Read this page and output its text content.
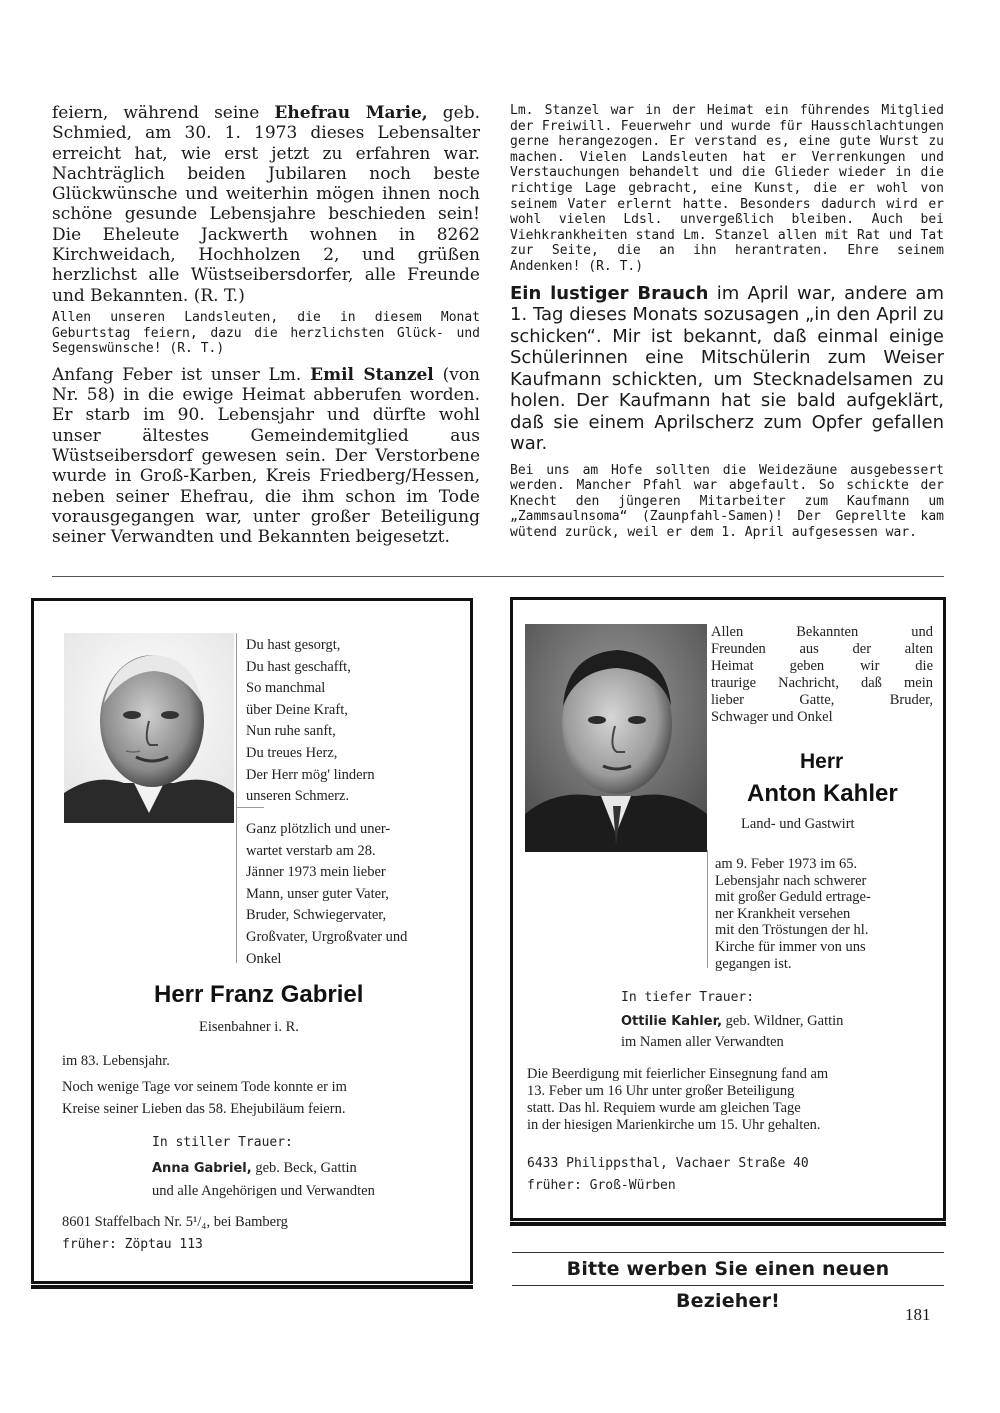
feiern, während seine Ehefrau Marie, geb. Schmied, am 30. 1. 1973 dieses Lebensalter erreicht hat, wie erst jetzt zu erfahren war. Nachträglich beiden Jubilaren noch beste Glückwünsche und weiterhin mögen ihnen noch schöne gesunde Lebensjahre beschieden sein! Die Eheleute Jackwerth wohnen in 8262 Kirchweidach, Hochholzen 2, und grüßen herzlichst alle Wüstseibersdorfer, alle Freunde und Bekannten. (R. T.)

Allen unseren Landsleuten, die in diesem Monat Geburtstag feiern, dazu die herzlichsten Glück- und Segenswünsche! (R. T.)

Anfang Feber ist unser Lm. Emil Stanzel (von Nr. 58) in die ewige Heimat abberufen worden. Er starb im 90. Lebensjahr und dürfte wohl unser ältestes Gemeindemitglied aus Wüstseibersdorf gewesen sein. Der Verstorbene wurde in Groß-Karben, Kreis Friedberg/Hessen, neben seiner Ehefrau, die ihm schon im Tode vorausgegangen war, unter großer Beteiligung seiner Verwandten und Bekannten beigesetzt.

Lm. Stanzel war in der Heimat ein führendes Mitglied der Freiwill. Feuerwehr und wurde für Hausschlachtungen gerne herangezogen. Er verstand es, eine gute Wurst zu machen. Vielen Landsleuten hat er Verrenkungen und Verstauchungen behandelt und die Glieder wieder in die richtige Lage gebracht, eine Kunst, die er wohl von seinem Vater erlernt hatte. Besonders dadurch wird er wohl vielen Ldsl. unvergeßlich bleiben. Auch bei Viehkrankheiten stand Lm. Stanzel allen mit Rat und Tat zur Seite, die an ihn herantraten. Ehre seinem Andenken! (R. T.)

Ein lustiger Brauch im April war, andere am 1. Tag dieses Monats sozusagen „in den April zu schicken“. Mir ist bekannt, daß einmal einige Schülerinnen eine Mitschülerin zum Weiser Kaufmann schickten, um Stecknadelsamen zu holen. Der Kaufmann hat sie bald aufgeklärt, daß sie einem Aprilscherz zum Opfer gefallen war.

Bei uns am Hofe sollten die Weidezäune ausgebessert werden. Mancher Pfahl war abgefault. So schickte der Knecht den jüngeren Mitarbeiter zum Kaufmann um „Zammsaulnsoma“ (Zaunpfahl-Samen)! Der Geprellte kam wütend zurück, weil er dem 1. April aufgesessen war.

Du hast gesorgt,
Du hast geschafft,
So manchmal
über Deine Kraft,
Nun ruhe sanft,
Du treues Herz,
Der Herr mög' lindern
unseren Schmerz.
Ganz plötzlich und uner-
wartet verstarb am 28.
Jänner 1973 mein lieber
Mann, unser guter Vater,
Bruder, Schwiegervater,
Großvater, Urgroßvater und
Onkel
Herr Franz Gabriel
Eisenbahner i. R.
im 83. Lebensjahr.
Noch wenige Tage vor seinem Tode konnte er im
Kreise seiner Lieben das 58. Ehejubiläum feiern.
In stiller Trauer:
Anna Gabriel, geb. Beck, Gattin
und alle Angehörigen und Verwandten
8601 Staffelbach Nr. 5¹/₄, bei Bamberg
früher: Zöptau 113
Allen Bekannten und
Freunden aus der alten
Heimat geben wir die
traurige Nachricht, daß mein
lieber Gatte, Bruder,
Schwager und Onkel
Herr
Anton Kahler
Land- und Gastwirt
am 9. Feber 1973 im 65.
Lebensjahr nach schwerer
mit großer Geduld ertrage-
ner Krankheit versehen
mit den Tröstungen der hl.
Kirche für immer von uns
gegangen ist.
In tiefer Trauer:
Ottilie Kahler, geb. Wildner, Gattin
im Namen aller Verwandten
Die Beerdigung mit feierlicher Einsegnung fand am
13. Feber um 16 Uhr unter großer Beteiligung
statt. Das hl. Requiem wurde am gleichen Tage
in der hiesigen Marienkirche um 15. Uhr gehalten.
6433 Philippsthal, Vachaer Straße 40
früher: Groß-Würben
Bitte werben Sie einen neuen Bezieher!
181
